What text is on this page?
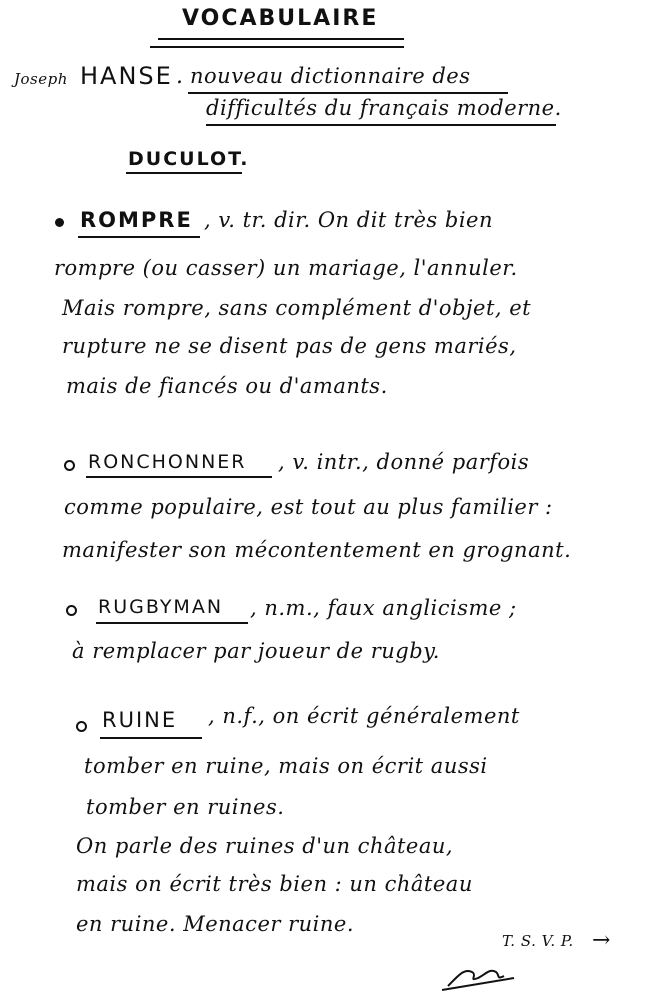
VOCABULAIRE
Joseph HANSE . nouveau dictionnaire des
difficultés du français moderne.
DUCULOT.
ROMPRE , v. tr. dir. On dit très bien
rompre (ou casser) un mariage, l'annuler.
Mais rompre, sans complément d'objet, et
rupture ne se disent pas de gens mariés,
mais de fiancés ou d'amants.
RONCHONNER , v. intr., donné parfois
comme populaire, est tout au plus familier :
manifester son mécontentement en grognant.
RUGBYMAN , n.m., faux anglicisme ;
à remplacer par joueur de rugby.
RUINE , n.f., on écrit généralement
tomber en ruine, mais on écrit aussi
tomber en ruines.
On parle des ruines d'un château,
mais on écrit très bien : un château
en ruine. Menacer ruine.
T. S. V. P. →
